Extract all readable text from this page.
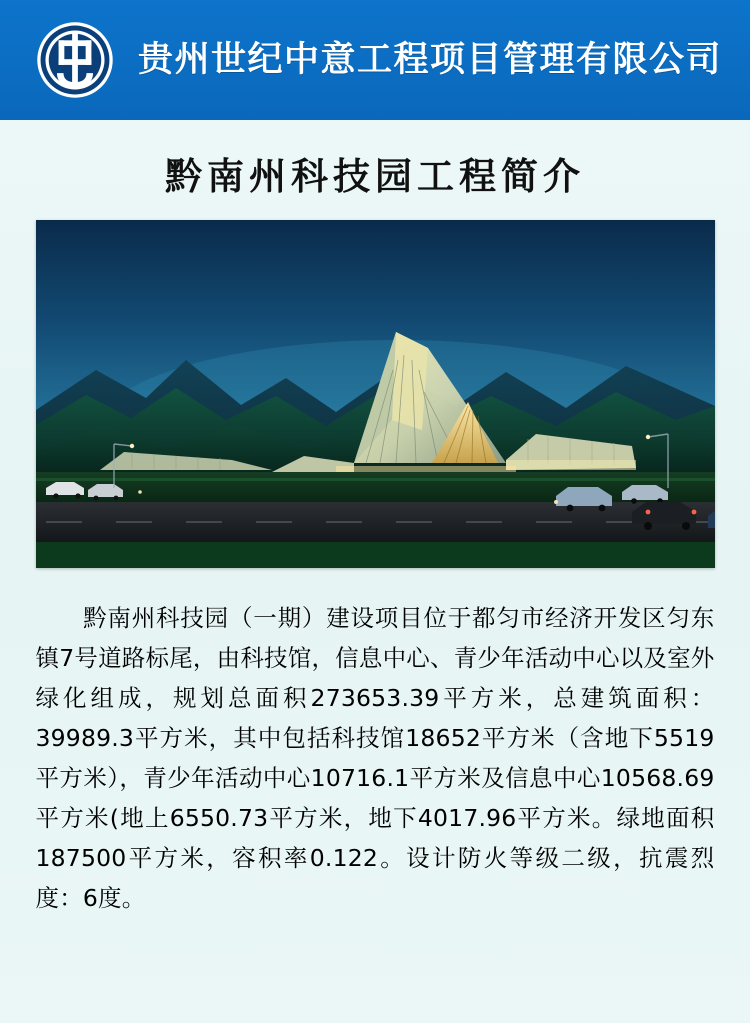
贵州世纪中意工程项目管理有限公司
黔南州科技园工程简介
黔南州科技园（一期）建设项目位于都匀市经济开发区匀东镇7号道路标尾，由科技馆，信息中心、青少年活动中心以及室外绿化组成，规划总面积273653.39平方米，总建筑面积：39989.3平方米，其中包括科技馆18652平方米（含地下5519平方米），青少年活动中心10716.1平方米及信息中心10568.69平方米(地上6550.73平方米，地下4017.96平方米。绿地面积187500平方米，容积率0.122。设计防火等级二级，抗震烈度：6度。
